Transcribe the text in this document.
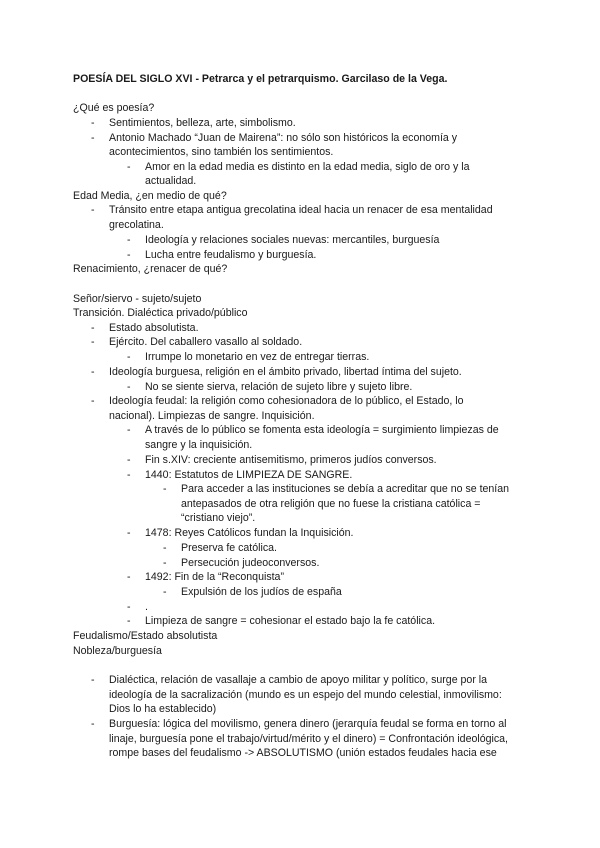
POESÍA DEL SIGLO XVI - Petrarca y el petrarquismo. Garcilaso de la Vega.
¿Qué es poesía?
- Sentimientos, belleza, arte, simbolismo.
- Antonio Machado “Juan de Mairena”: no sólo son históricos la economía y
acontecimientos, sino también los sentimientos.
- Amor en la edad media es distinto en la edad media, siglo de oro y la
actualidad.
Edad Media, ¿en medio de qué?
- Tránsito entre etapa antigua grecolatina ideal hacia un renacer de esa mentalidad
grecolatina.
- Ideología y relaciones sociales nuevas: mercantiles, burguesía
- Lucha entre feudalismo y burguesía.
Renacimiento, ¿renacer de qué?
Señor/siervo - sujeto/sujeto
Transición. Dialéctica privado/público
- Estado absolutista.
- Ejército. Del caballero vasallo al soldado.
- Irrumpe lo monetario en vez de entregar tierras.
- Ideología burguesa, religión en el ámbito privado, libertad íntima del sujeto.
- No se siente sierva, relación de sujeto libre y sujeto libre.
- Ideología feudal: la religión como cohesionadora de lo público, el Estado, lo
nacional). Limpiezas de sangre. Inquisición.
- A través de lo público se fomenta esta ideología = surgimiento limpiezas de
sangre y la inquisición.
- Fin s.XIV: creciente antisemitismo, primeros judíos conversos.
- 1440: Estatutos de LIMPIEZA DE SANGRE.
- Para acceder a las instituciones se debía a acreditar que no se tenían
antepasados de otra religión que no fuese la cristiana católica =
“cristiano viejo”.
- 1478: Reyes Católicos fundan la Inquisición.
- Preserva fe católica.
- Persecución judeoconversos.
- 1492: Fin de la “Reconquista”
- Expulsión de los judíos de españa
- .
- Limpieza de sangre = cohesionar el estado bajo la fe católica.
Feudalismo/Estado absolutista
Nobleza/burguesía
- Dialéctica, relación de vasallaje a cambio de apoyo militar y político, surge por la
ideología de la sacralización (mundo es un espejo del mundo celestial, inmovilismo:
Dios lo ha establecido)
- Burguesía: lógica del movilismo, genera dinero (jerarquía feudal se forma en torno al
linaje, burguesía pone el trabajo/virtud/mérito y el dinero) = Confrontación ideológica,
rompe bases del feudalismo -> ABSOLUTISMO (unión estados feudales hacia ese
